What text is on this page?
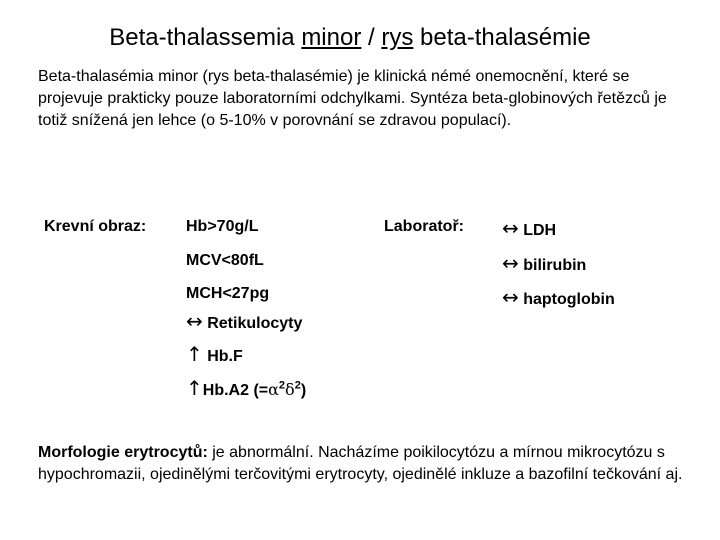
Beta-thalassemia minor / rys beta-thalasémie
Beta-thalasémia minor (rys beta-thalasémie) je klinická némé onemocnění, které se projevuje prakticky pouze laboratorními odchylkami. Syntéza beta-globinových řetězců je totiž snížená jen lehce (o 5-10% v porovnání se zdravou populací).
Krevní obraz: Hb>70g/L
MCV<80fL
MCH<27pg
↔ Retikulocyty
↑ Hb.F
↑Hb.A2 $(=\alpha^2\delta^2)$
Laboratoř: ↔ LDH
↔ bilirubin
↔ haptoglobin
Morfologie erytrocytů: je abnormální. Nacházíme poikilocytózu a mírnou mikrocytózu s hypochromazii, ojedinělými terčovitými erytrocyty, ojedinělé inkluze a bazofilní tečkování aj.
